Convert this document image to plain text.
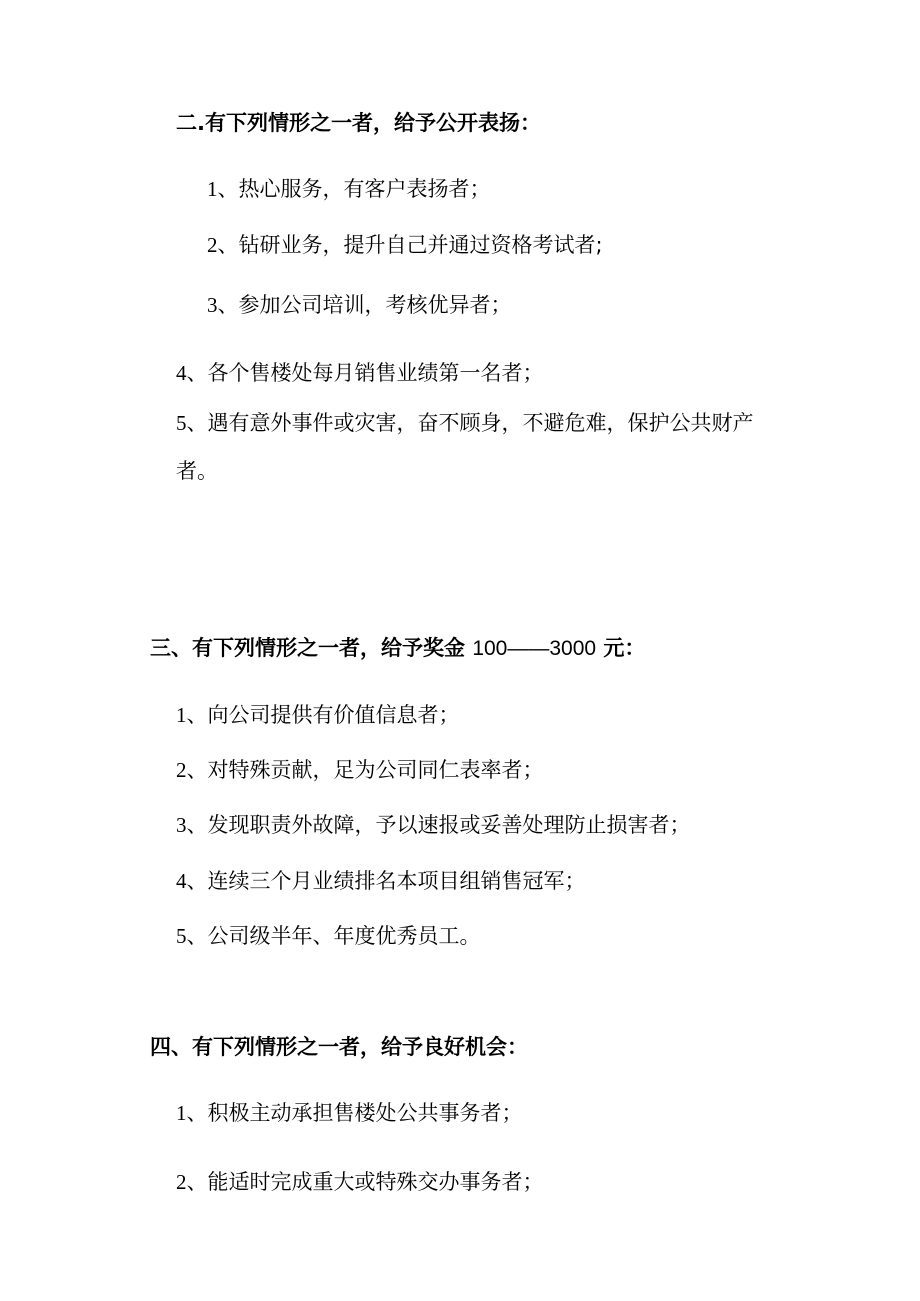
二.有下列情形之一者，给予公开表扬：
1、热心服务，有客户表扬者；
2、钻研业务，提升自己并通过资格考试者;
3、参加公司培训，考核优异者；
4、各个售楼处每月销售业绩第一名者；
5、遇有意外事件或灾害，奋不顾身，不避危难，保护公共财产
者。
三、有下列情形之一者，给予奖金 100——3000 元：
1、向公司提供有价值信息者；
2、对特殊贡献，足为公司同仁表率者；
3、发现职责外故障，予以速报或妥善处理防止损害者；
4、连续三个月业绩排名本项目组销售冠军；
5、公司级半年、年度优秀员工。
四、有下列情形之一者，给予良好机会：
1、积极主动承担售楼处公共事务者；
2、能适时完成重大或特殊交办事务者；
